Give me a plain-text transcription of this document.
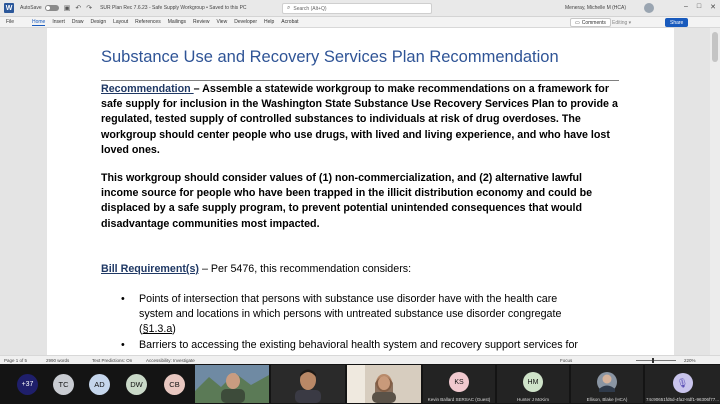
W	AutoSave	▣ ↶ ↷ SUR Plan Rec 7.6.23 - Safe Supply Workgroup • Saved to this PC	⌕ Search (Alt+Q)	Meneray, Michelle M (HCA)	– □ ✕
File	Home Insert Draw Design Layout References Mailings Review View Developer Help Acrobat	▭ Comments Editing ▾	Share
Substance Use and Recovery Services Plan Recommendation
Recommendation – Assemble a statewide workgroup to make recommendations on a framework for
safe supply for inclusion in the Washington State Substance Use Recovery Services Plan to provide a
regulated, tested supply of controlled substances to individuals at risk of drug overdoses. The
workgroup should center people who use drugs, with lived and living experience, and who have lost
loved ones.
This workgroup should consider values of (1) non-commercialization, and (2) alternative lawful
income source for people who have been trapped in the illicit distribution economy and could be
displaced by a safe supply program, to prevent potential unintended consequences that would
disadvantage communities most impacted.
Bill Requirement(s) – Per 5476, this recommendation considers:
• Points of intersection that persons with substance use disorder have with the health care
system and locations in which persons with untreated substance use disorder congregate
(§1.3.a)
• Barriers to accessing the existing behavioral health system and recovery support services for
Page 1 of 5	2990 words	Text Predictions: On	Accessibility: Investigate	Focus	220%
+37	TC	AD	DW	CB	KS
Kevin Ballard SERSAC (Guest)
HM
Hunter J McKim	Ellison, Blake (HCA)
🎙
74c90651fd5d-4fa2-8df1-96306f77...
